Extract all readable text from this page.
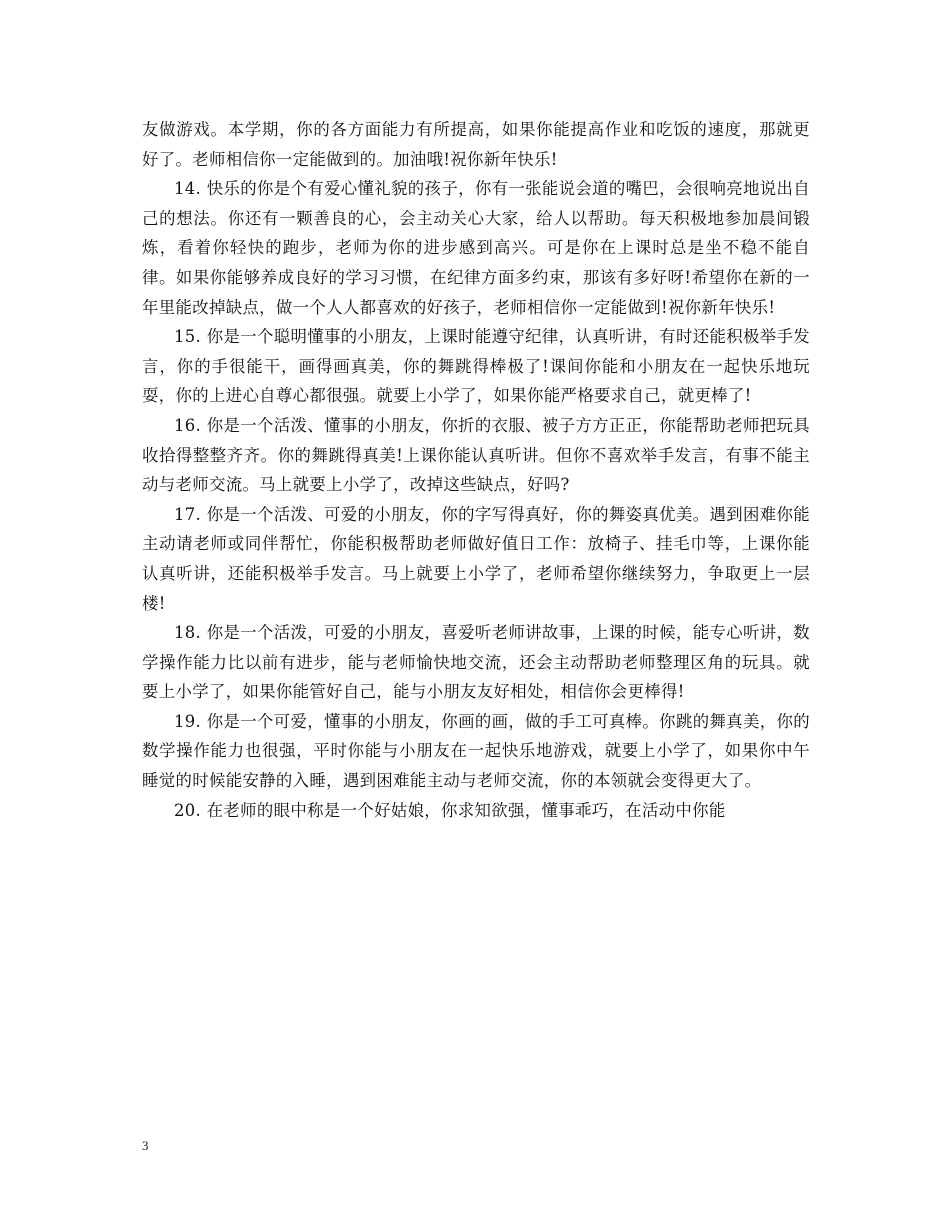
友做游戏。本学期，你的各方面能力有所提高，如果你能提高作业和吃饭的速度，那就更好了。老师相信你一定能做到的。加油哦!祝你新年快乐!

14. 快乐的你是个有爱心懂礼貌的孩子，你有一张能说会道的嘴巴，会很响亮地说出自己的想法。你还有一颗善良的心，会主动关心大家，给人以帮助。每天积极地参加晨间锻炼，看着你轻快的跑步，老师为你的进步感到高兴。可是你在上课时总是坐不稳不能自律。如果你能够养成良好的学习习惯，在纪律方面多约束，那该有多好呀!希望你在新的一年里能改掉缺点，做一个人人都喜欢的好孩子，老师相信你一定能做到!祝你新年快乐!

15. 你是一个聪明懂事的小朋友，上课时能遵守纪律，认真听讲，有时还能积极举手发言，你的手很能干，画得画真美，你的舞跳得棒极了!课间你能和小朋友在一起快乐地玩耍，你的上进心自尊心都很强。就要上小学了，如果你能严格要求自己，就更棒了!

16. 你是一个活泼、懂事的小朋友，你折的衣服、被子方方正正，你能帮助老师把玩具收拾得整整齐齐。你的舞跳得真美!上课你能认真听讲。但你不喜欢举手发言，有事不能主动与老师交流。马上就要上小学了，改掉这些缺点，好吗?

17. 你是一个活泼、可爱的小朋友，你的字写得真好，你的舞姿真优美。遇到困难你能主动请老师或同伴帮忙，你能积极帮助老师做好值日工作：放椅子、挂毛巾等，上课你能认真听讲，还能积极举手发言。马上就要上小学了，老师希望你继续努力，争取更上一层楼!

18. 你是一个活泼，可爱的小朋友，喜爱听老师讲故事，上课的时候，能专心听讲，数学操作能力比以前有进步，能与老师愉快地交流，还会主动帮助老师整理区角的玩具。就要上小学了，如果你能管好自己，能与小朋友友好相处，相信你会更棒得!

19. 你是一个可爱，懂事的小朋友，你画的画，做的手工可真棒。你跳的舞真美，你的数学操作能力也很强，平时你能与小朋友在一起快乐地游戏，就要上小学了，如果你中午睡觉的时候能安静的入睡，遇到困难能主动与老师交流，你的本领就会变得更大了。

20. 在老师的眼中称是一个好姑娘，你求知欲强，懂事乖巧，在活动中你能

3
